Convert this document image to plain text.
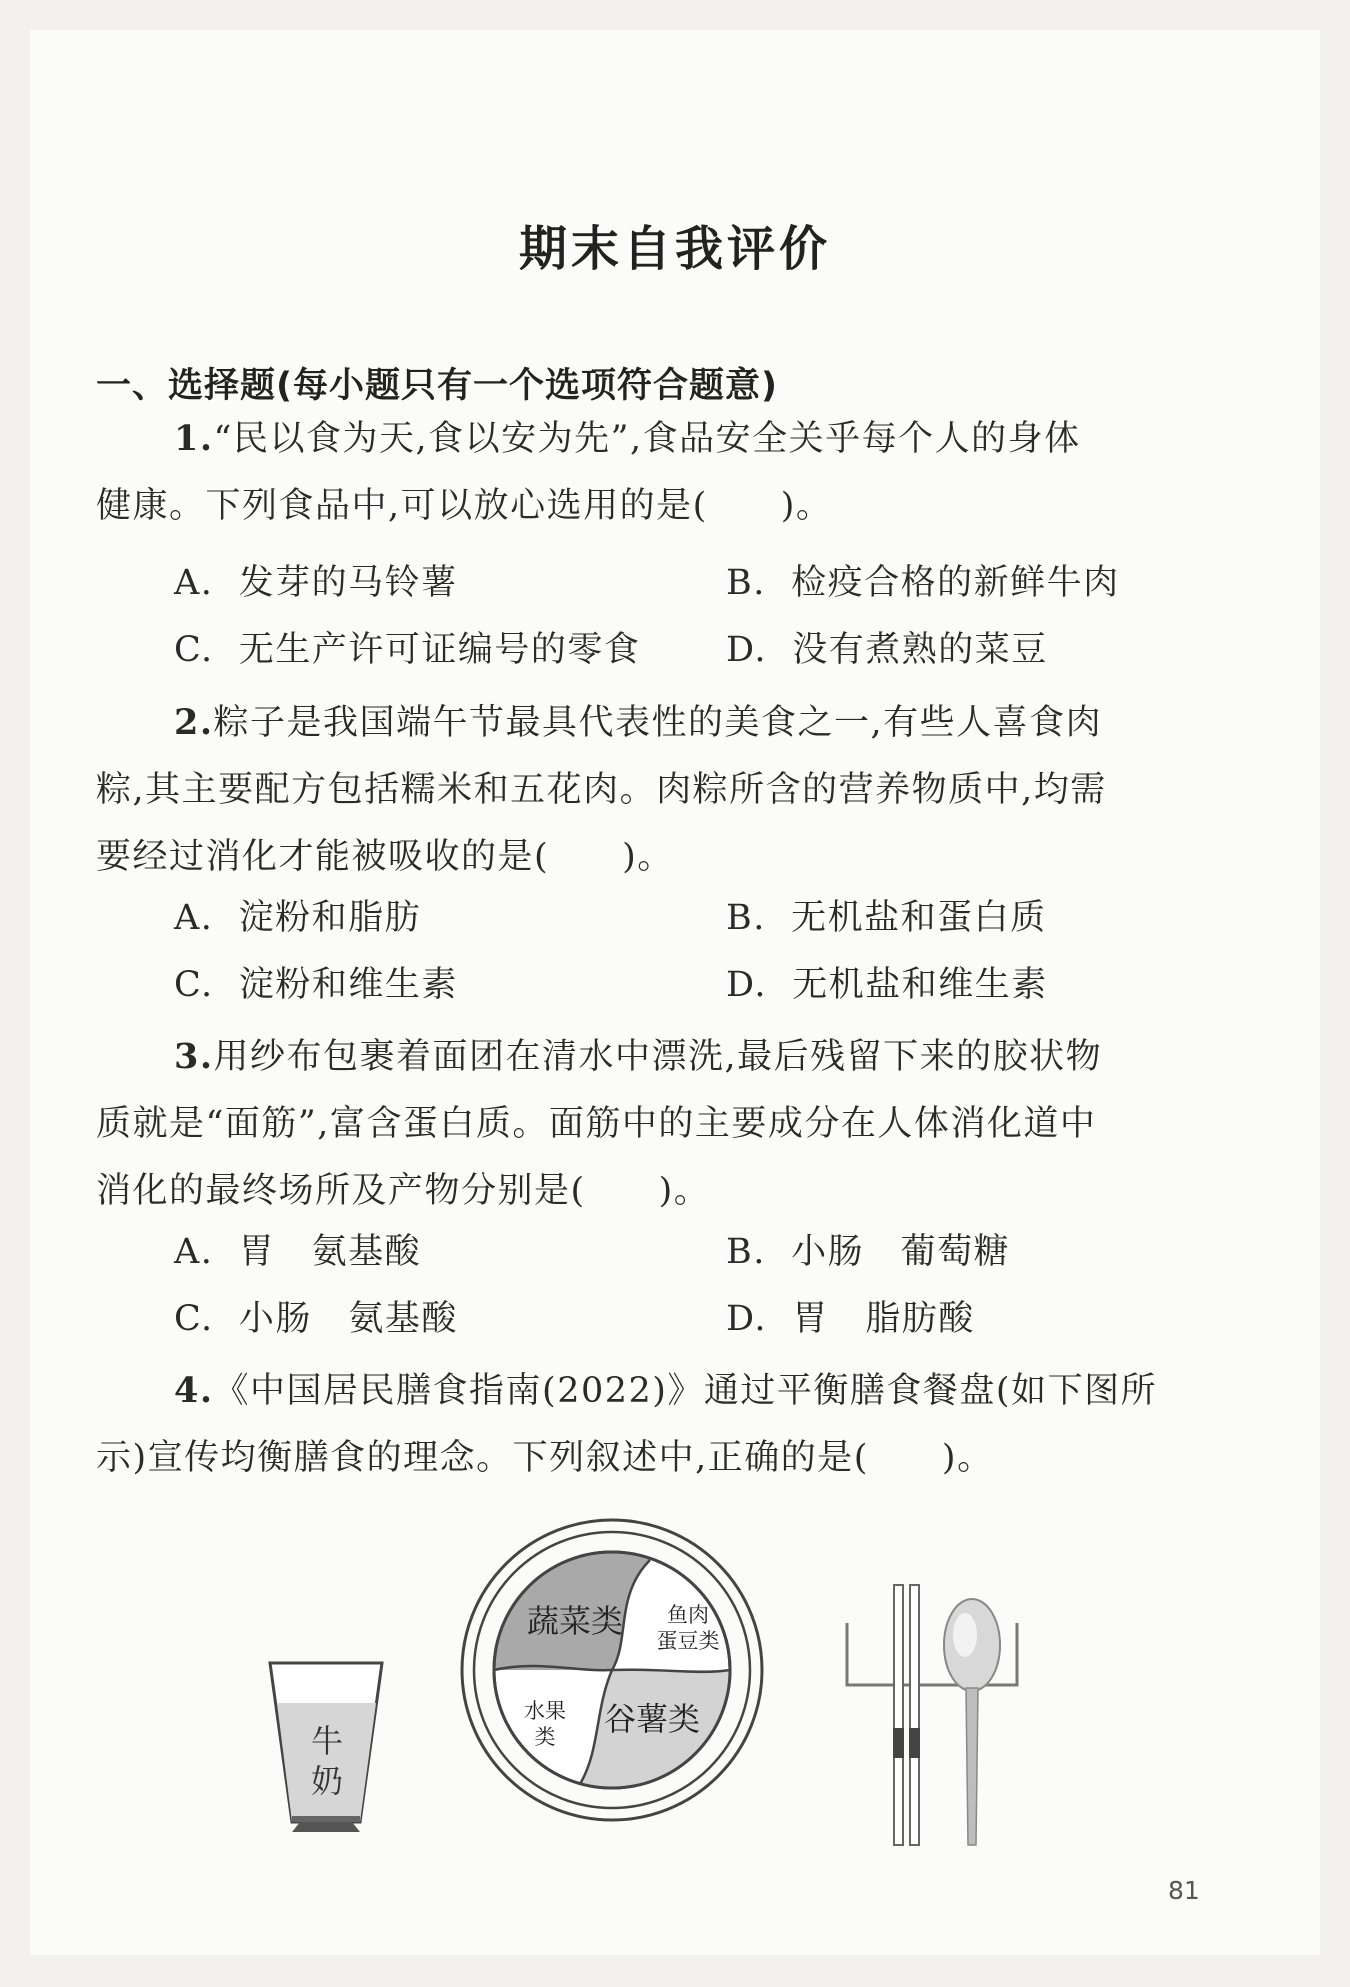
期末自我评价
一、选择题(每小题只有一个选项符合题意)
1.“民以食为天,食以安为先”,食品安全关乎每个人的身体
健康。下列食品中,可以放心选用的是(　　)。
A.  发芽的马铃薯	B.  检疫合格的新鲜牛肉
C.  无生产许可证编号的零食 D.  没有煮熟的菜豆
2.粽子是我国端午节最具代表性的美食之一,有些人喜食肉
粽,其主要配方包括糯米和五花肉。肉粽所含的营养物质中,均需
要经过消化才能被吸收的是(　　)。
A.  淀粉和脂肪	B.  无机盐和蛋白质
C.  淀粉和维生素	D.  无机盐和维生素
3.用纱布包裹着面团在清水中漂洗,最后残留下来的胶状物
质就是“面筋”,富含蛋白质。面筋中的主要成分在人体消化道中
消化的最终场所及产物分别是(　　)。
A.  胃　氨基酸	B.  小肠　葡萄糖
C.  小肠　氨基酸	D.  胃　脂肪酸
4.《中国居民膳食指南(2022)》通过平衡膳食餐盘(如下图所
示)宣传均衡膳食的理念。下列叙述中,正确的是(　　)。
牛
奶
蔬菜类 鱼肉
蛋豆类
水果
类 谷薯类
81
